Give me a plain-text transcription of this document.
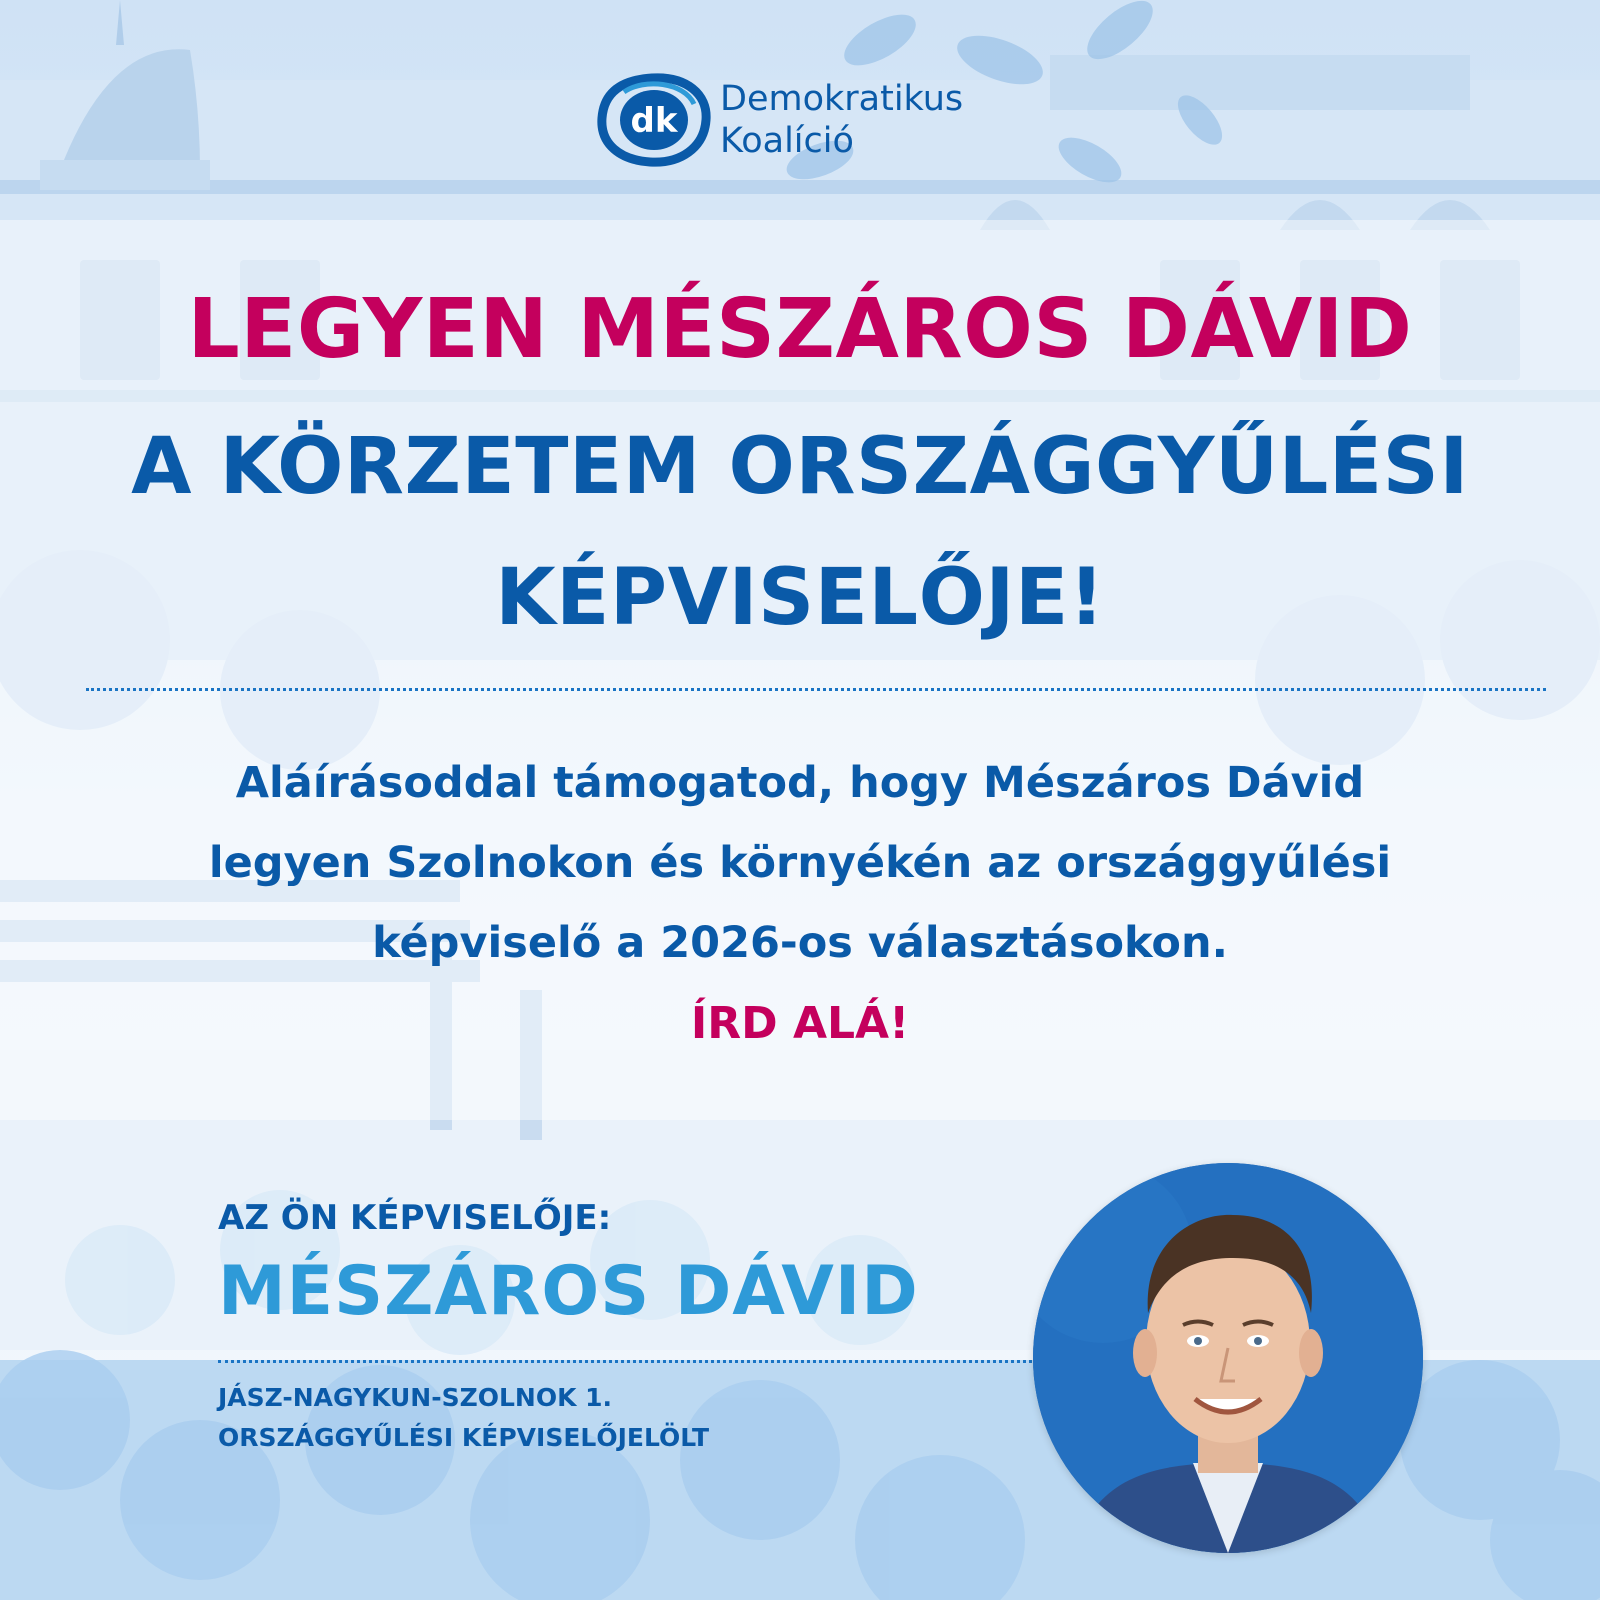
dk
Demokratikus
Koalíció
LEGYEN MÉSZÁROS DÁVID
A KÖRZETEM ORSZÁGGYŰLÉSI
KÉPVISELŐJE!
Aláírásoddal támogatod, hogy Mészáros Dávid
legyen Szolnokon és környékén az országgyűlési
képviselő a 2026-os választásokon.
ÍRD ALÁ!
AZ ÖN KÉPVISELŐJE:
MÉSZÁROS DÁVID
JÁSZ-NAGYKUN-SZOLNOK 1.
ORSZÁGGYŰLÉSI KÉPVISELŐJELÖLT
